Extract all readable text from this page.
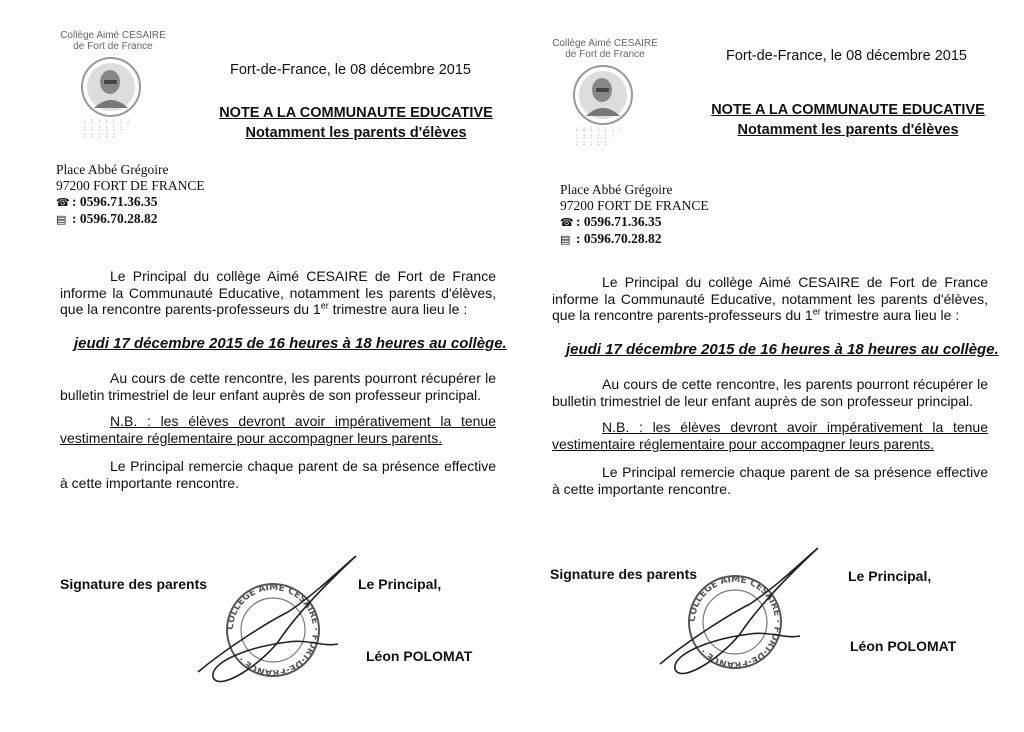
Collège Aimé CESAIRE
de Fort de France
: : : : : : :
: : : : : :
: : : : :
Fort-de-France, le 08 décembre 2015
NOTE A LA COMMUNAUTE EDUCATIVE
Notamment les parents d'élèves
Place Abbé Grégoire
97200 FORT DE FRANCE
☎ : 0596.71.36.35
▤ : 0596.70.28.82

Le Principal du collège Aimé CESAIRE de Fort de France informe la Communauté Educative, notamment les parents d'élèves, que la rencontre parents-professeurs du 1er trimestre aura lieu le :

jeudi 17 décembre 2015 de 16 heures à 18 heures au collège.

Au cours de cette rencontre, les parents pourront récupérer le bulletin trimestriel de leur enfant auprès de son professeur principal.

N.B. : les élèves devront avoir impérativement la tenue vestimentaire réglementaire pour accompagner leurs parents.

Le Principal remercie chaque parent de sa présence effective à cette importante rencontre.

Signature des parents	Le Principal,
COLLEGE AIME CESAIRE · FORT-DE-FRANCE ·	Léon POLOMAT
Collège Aimé CESAIRE
de Fort de France
: : : : : : :
: : : : : :
: : : : :
Fort-de-France, le 08 décembre 2015
NOTE A LA COMMUNAUTE EDUCATIVE
Notamment les parents d'élèves
Place Abbé Grégoire
97200 FORT DE FRANCE
☎ : 0596.71.36.35
▤ : 0596.70.28.82

Le Principal du collège Aimé CESAIRE de Fort de France informe la Communauté Educative, notamment les parents d'élèves, que la rencontre parents-professeurs du 1er trimestre aura lieu le :

jeudi 17 décembre 2015 de 16 heures à 18 heures au collège.

Au cours de cette rencontre, les parents pourront récupérer le bulletin trimestriel de leur enfant auprès de son professeur principal.

N.B. : les élèves devront avoir impérativement la tenue vestimentaire réglementaire pour accompagner leurs parents.

Le Principal remercie chaque parent de sa présence effective à cette importante rencontre.

Signature des parents	Le Principal,
COLLEGE AIME CESAIRE · FORT-DE-FRANCE ·	Léon POLOMAT
